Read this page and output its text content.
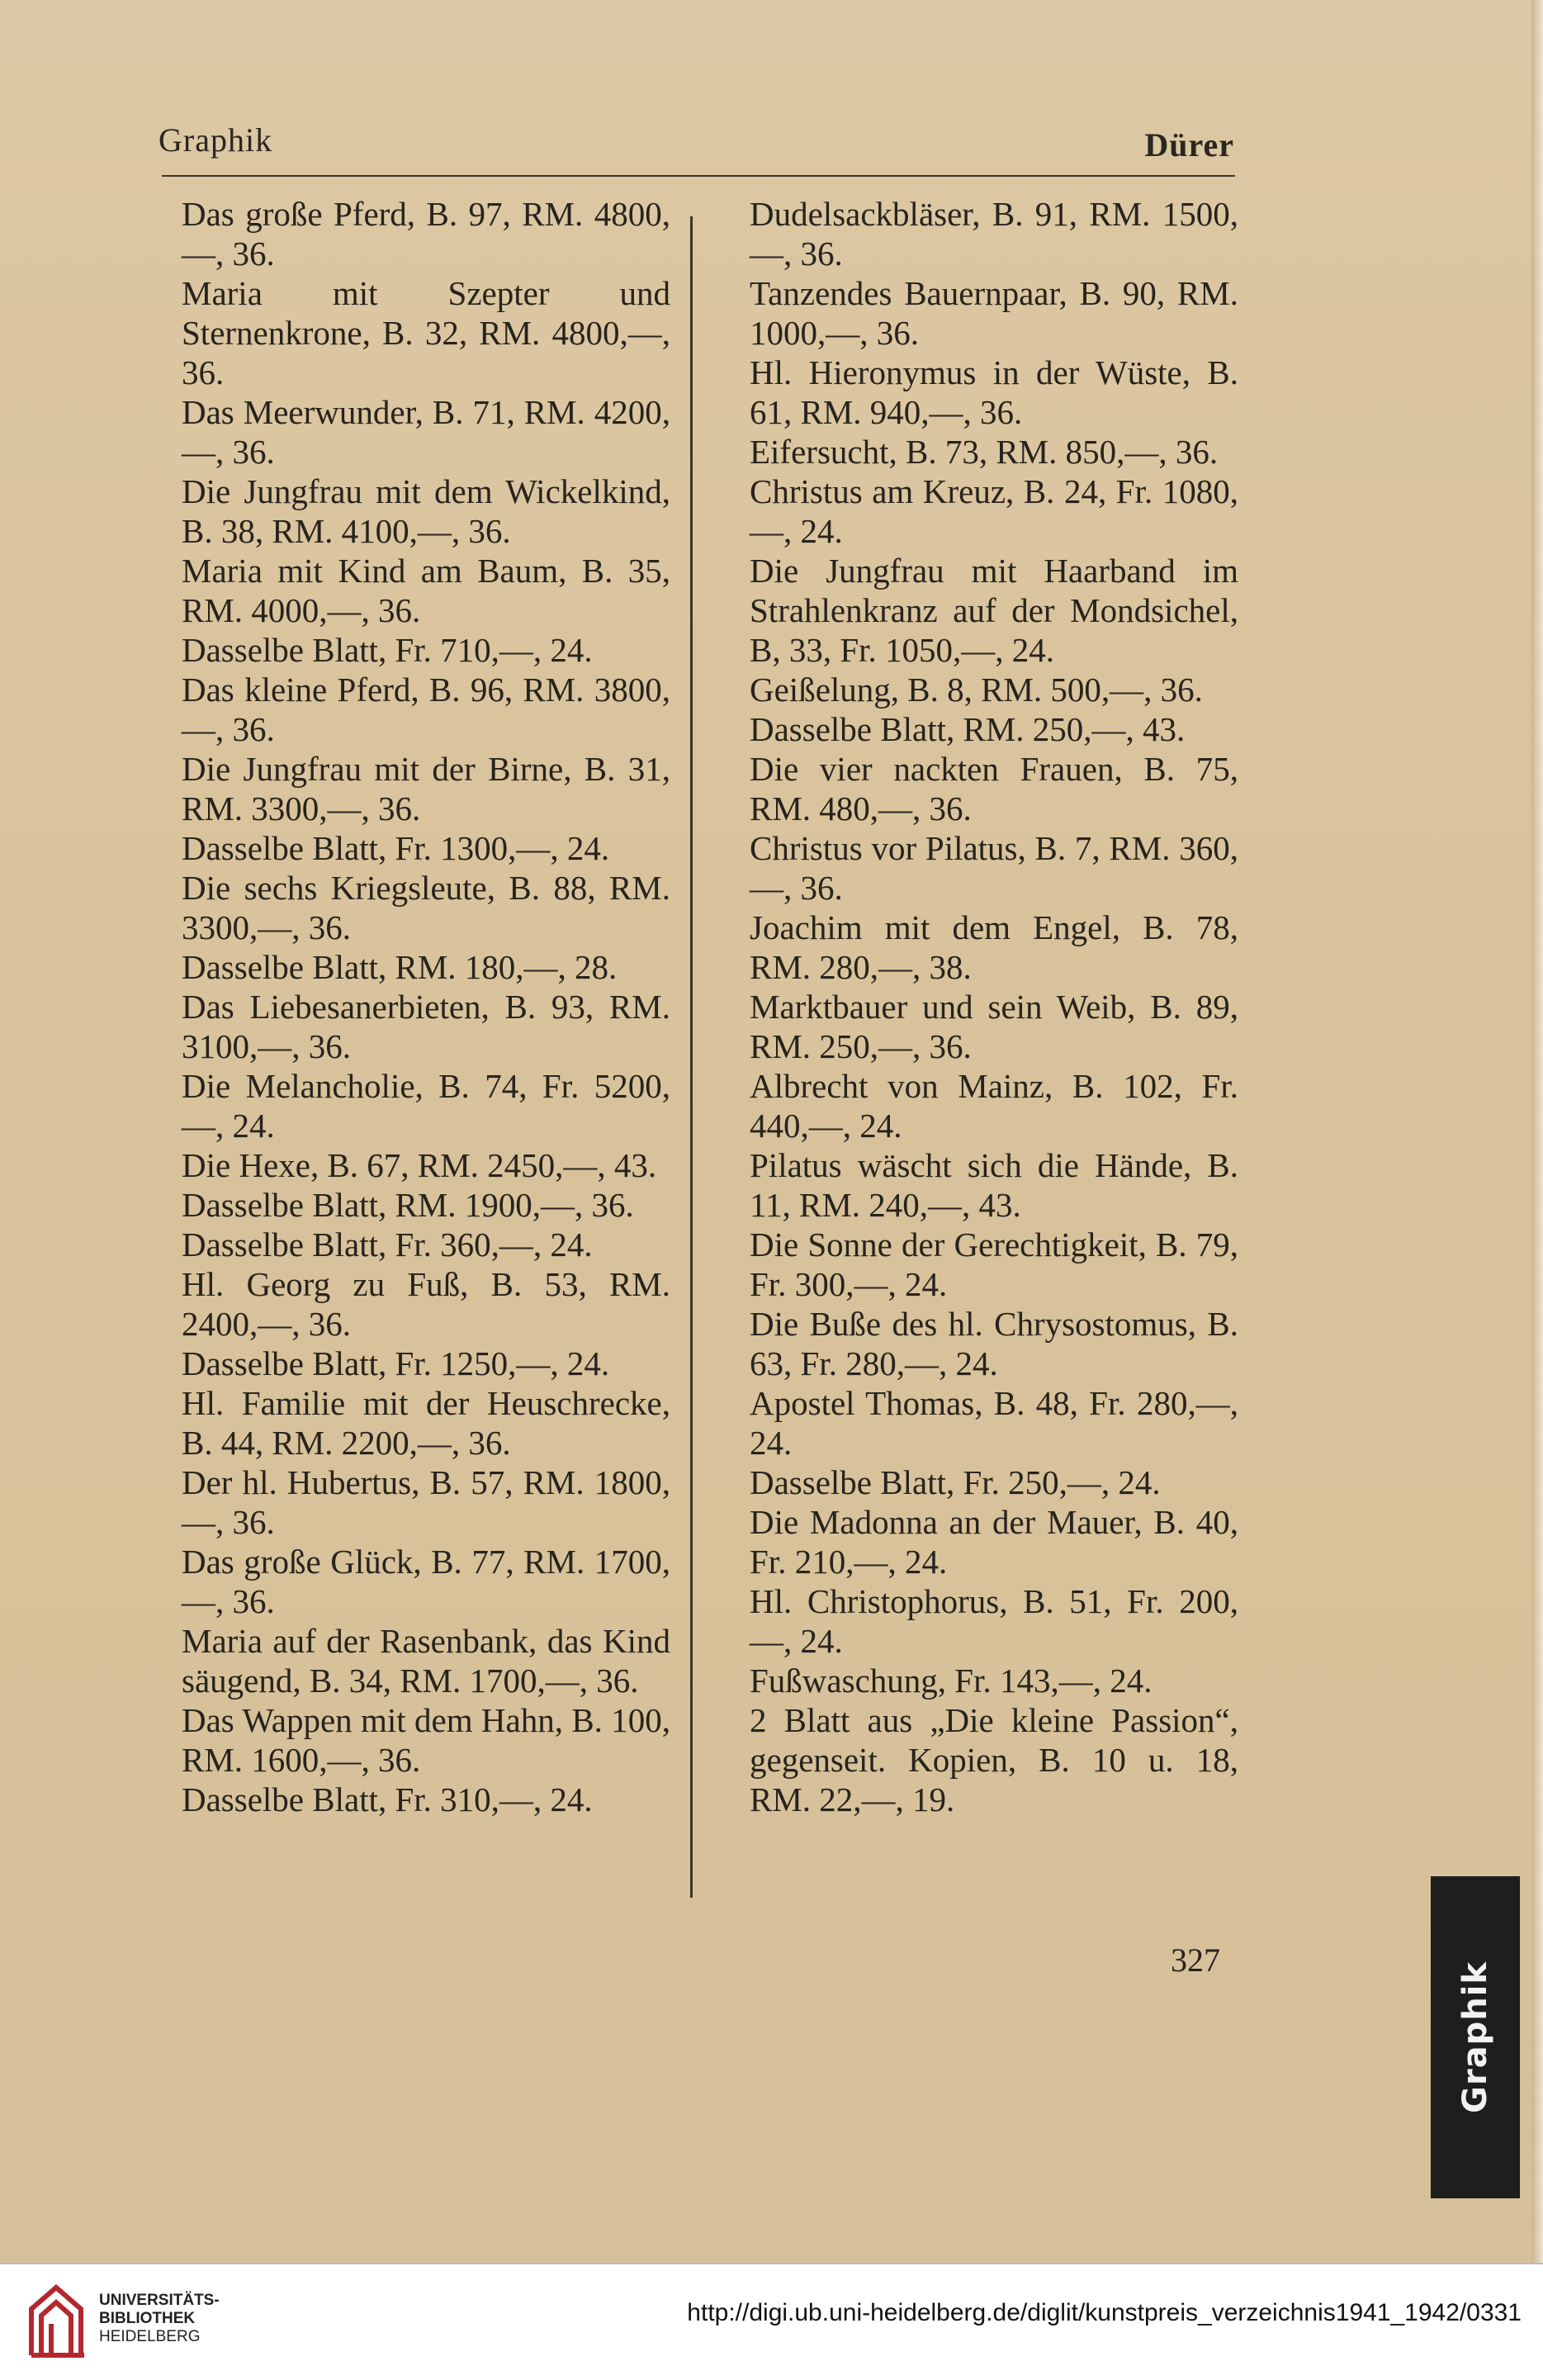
Graphik	Dürer

Das große Pferd, B. 97, RM. 4800,—, 36.

Maria mit Szepter und Sternenkrone, B. 32, RM. 4800,—, 36.

Das Meerwunder, B. 71, RM. 4200,—, 36.

Die Jungfrau mit dem Wickelkind, B. 38, RM. 4100,—, 36.

Maria mit Kind am Baum, B. 35, RM. 4000,—, 36.

Dasselbe Blatt, Fr. 710,—, 24.

Das kleine Pferd, B. 96, RM. 3800,—, 36.

Die Jungfrau mit der Birne, B. 31, RM. 3300,—, 36.

Dasselbe Blatt, Fr. 1300,—, 24.

Die sechs Kriegsleute, B. 88, RM. 3300,—, 36.

Dasselbe Blatt, RM. 180,—, 28.

Das Liebesanerbieten, B. 93, RM. 3100,—, 36.

Die Melancholie, B. 74, Fr. 5200,—, 24.

Die Hexe, B. 67, RM. 2450,—, 43.

Dasselbe Blatt, RM. 1900,—, 36.

Dasselbe Blatt, Fr. 360,—, 24.

Hl. Georg zu Fuß, B. 53, RM. 2400,—, 36.

Dasselbe Blatt, Fr. 1250,—, 24.

Hl. Familie mit der Heuschrecke, B. 44, RM. 2200,—, 36.

Der hl. Hubertus, B. 57, RM. 1800,—, 36.

Das große Glück, B. 77, RM. 1700,—, 36.

Maria auf der Rasenbank, das Kind säugend, B. 34, RM. 1700,—, 36.

Das Wappen mit dem Hahn, B. 100, RM. 1600,—, 36.

Dasselbe Blatt, Fr. 310,—, 24.

Dudelsackbläser, B. 91, RM. 1500,—, 36.

Tanzendes Bauernpaar, B. 90, RM. 1000,—, 36.

Hl. Hieronymus in der Wüste, B. 61, RM. 940,—, 36.

Eifersucht, B. 73, RM. 850,—, 36.

Christus am Kreuz, B. 24, Fr. 1080,—, 24.

Die Jungfrau mit Haarband im Strahlenkranz auf der Mondsichel, B, 33, Fr. 1050,—, 24.

Geißelung, B. 8, RM. 500,—, 36.

Dasselbe Blatt, RM. 250,—, 43.

Die vier nackten Frauen, B. 75, RM. 480,—, 36.

Christus vor Pilatus, B. 7, RM. 360,—, 36.

Joachim mit dem Engel, B. 78, RM. 280,—, 38.

Marktbauer und sein Weib, B. 89, RM. 250,—, 36.

Albrecht von Mainz, B. 102, Fr. 440,—, 24.

Pilatus wäscht sich die Hände, B. 11, RM. 240,—, 43.

Die Sonne der Gerechtigkeit, B. 79, Fr. 300,—, 24.

Die Buße des hl. Chrysostomus, B. 63, Fr. 280,—, 24.

Apostel Thomas, B. 48, Fr. 280,—, 24.

Dasselbe Blatt, Fr. 250,—, 24.

Die Madonna an der Mauer, B. 40, Fr. 210,—, 24.

Hl. Christophorus, B. 51, Fr. 200,—, 24.

Fußwaschung, Fr. 143,—, 24.

2 Blatt aus „Die kleine Passion“, gegenseit. Kopien, B. 10 u. 18, RM. 22,—, 19.

327
Graphik
UNIVERSITÄTS-
BIBLIOTHEK
HEIDELBERG
http://digi.ub.uni-heidelberg.de/diglit/kunstpreis_verzeichnis1941_1942/0331
